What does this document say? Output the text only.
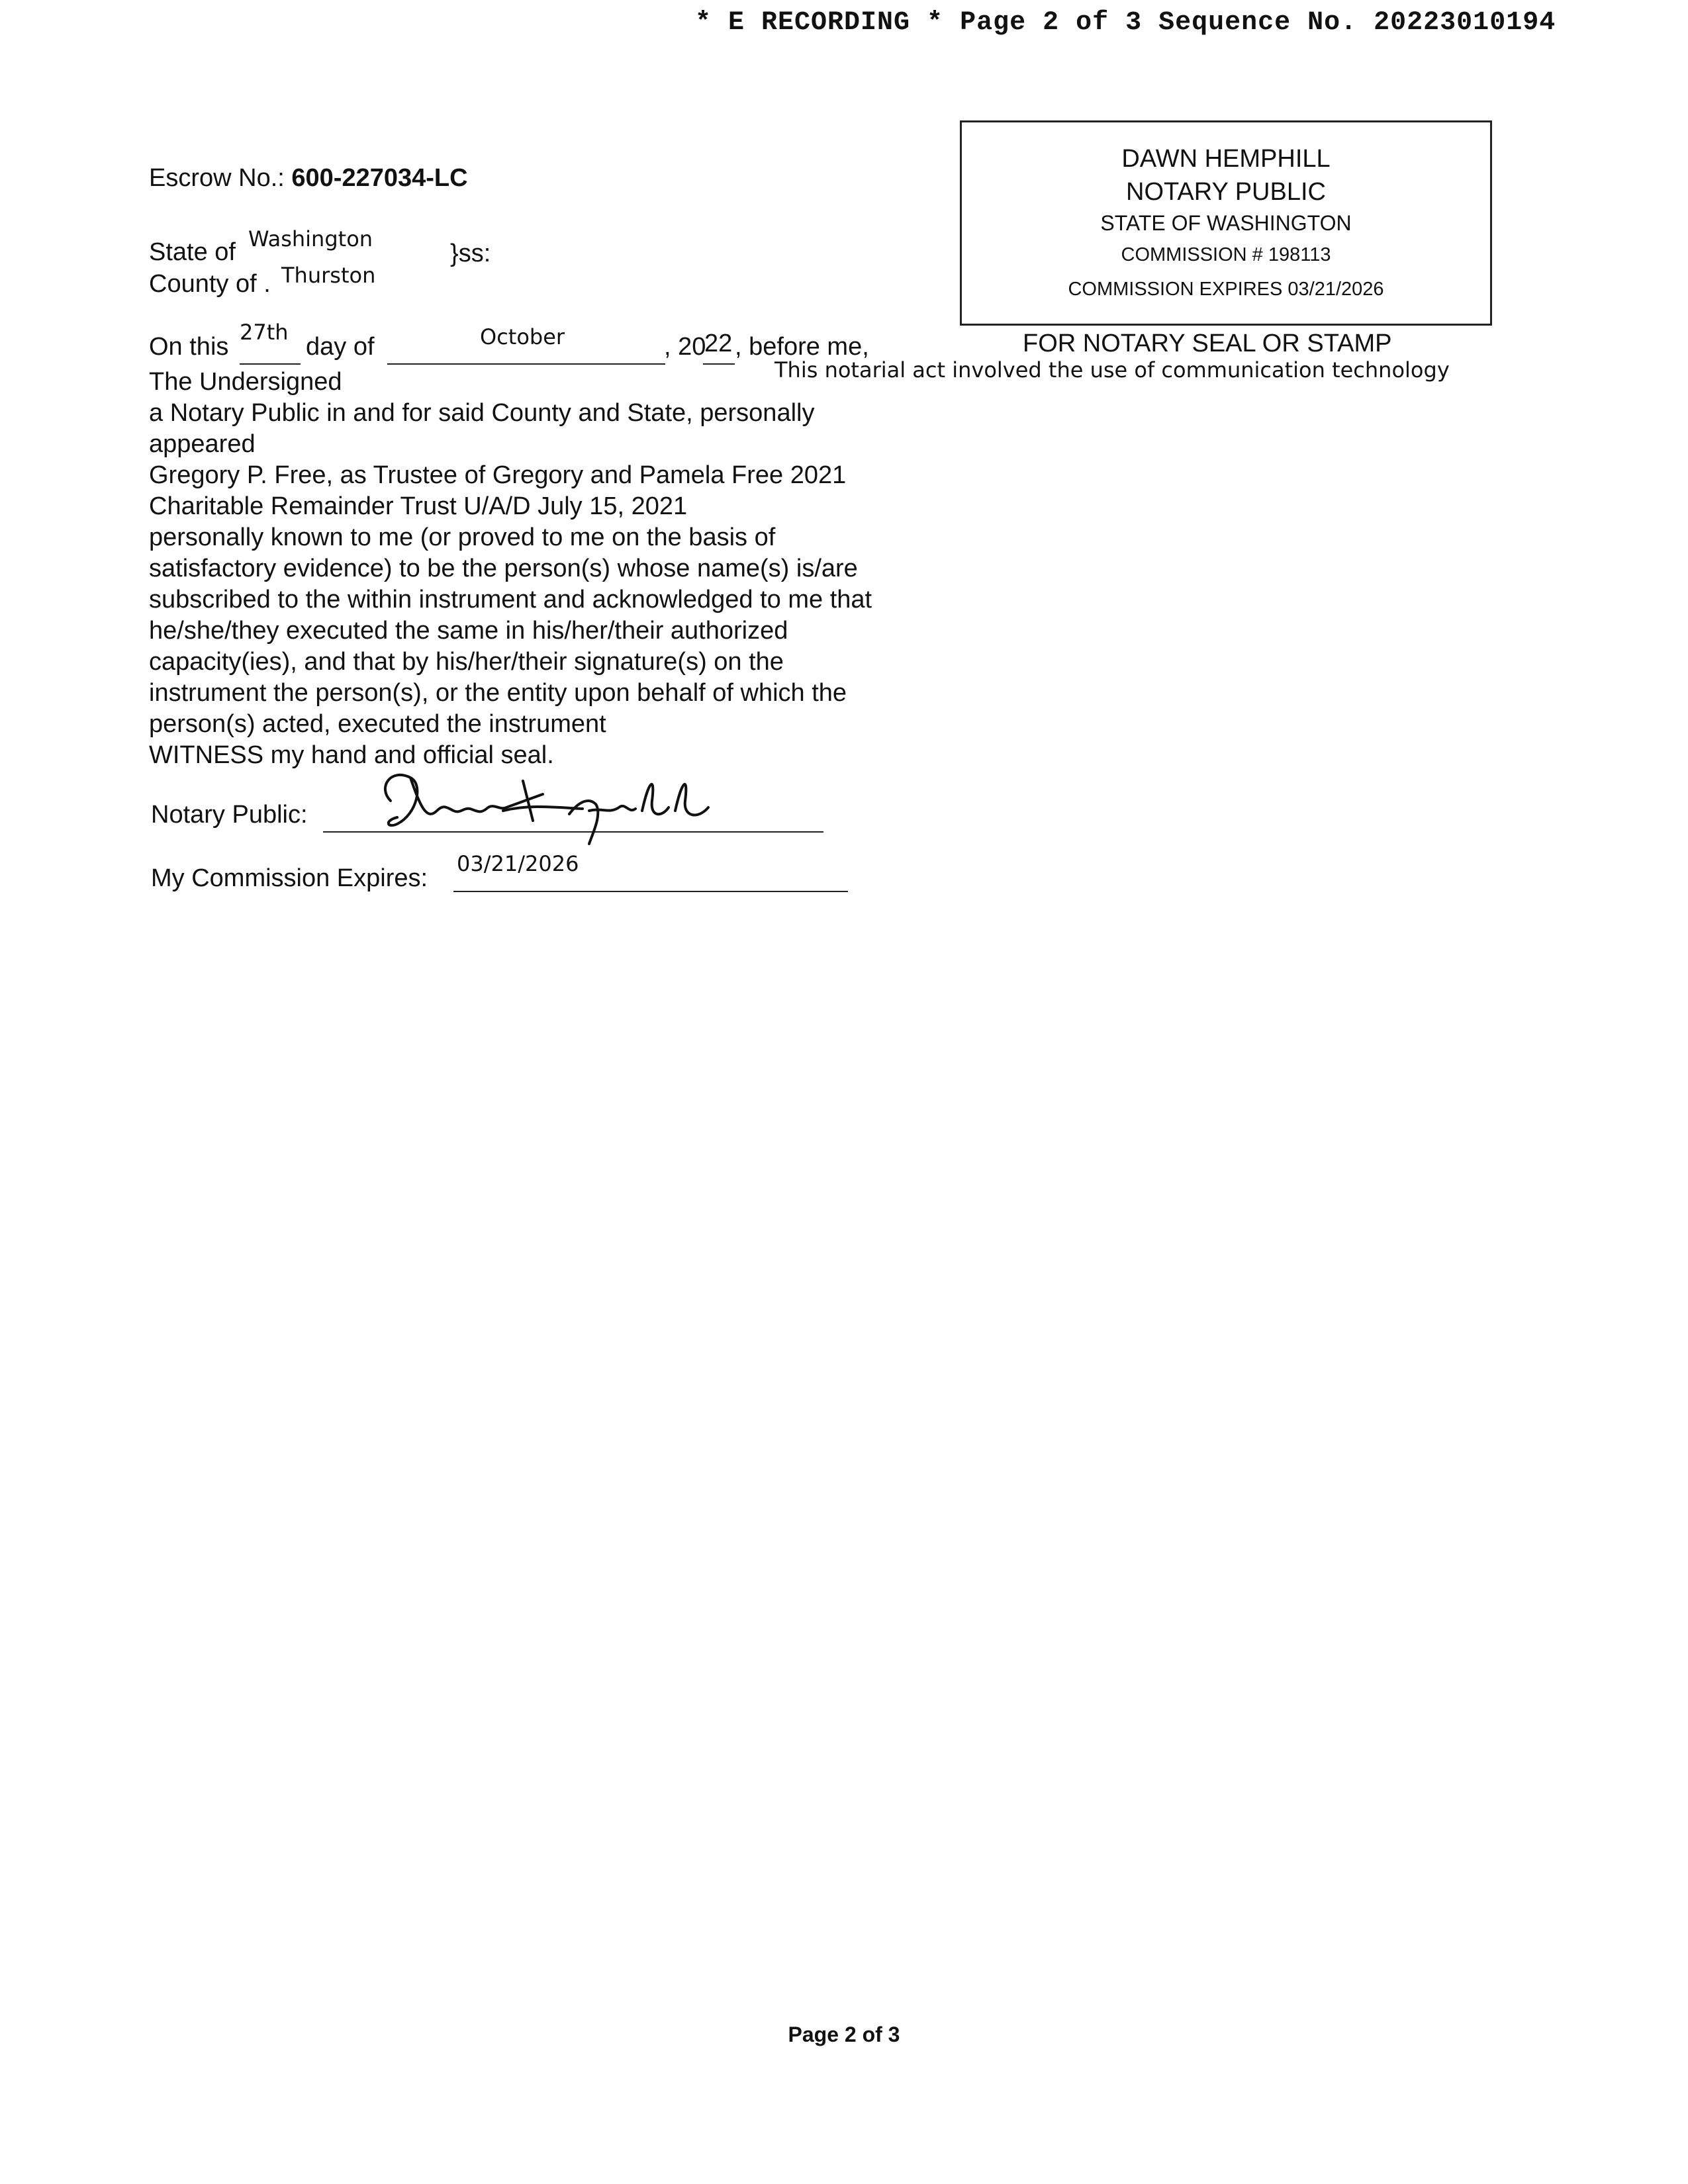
* E RECORDING * Page 2 of 3 Sequence No. 20223010194
Escrow No.: 600-227034-LC
State of Washington
}ss:
County of . Thurston
DAWN HEMPHILL
NOTARY PUBLIC
STATE OF WASHINGTON
COMMISSION # 198113
COMMISSION EXPIRES 03/21/2026
FOR NOTARY SEAL OR STAMP
This notarial act involved the use of communication technology
On this
27th
day of	October	, 20
22 , before me,
The Undersigned
a Notary Public in and for said County and State, personally
appeared
Gregory P. Free, as Trustee of Gregory and Pamela Free 2021
Charitable Remainder Trust U/A/D July 15, 2021
personally known to me (or proved to me on the basis of
satisfactory evidence) to be the person(s) whose name(s) is/are
subscribed to the within instrument and acknowledged to me that
he/she/they executed the same in his/her/their authorized
capacity(ies), and that by his/her/their signature(s) on the
instrument the person(s), or the entity upon behalf of which the
person(s) acted, executed the instrument
WITNESS my hand and official seal.
Notary Public:
My Commission Expires:
03/21/2026
Page 2 of 3
